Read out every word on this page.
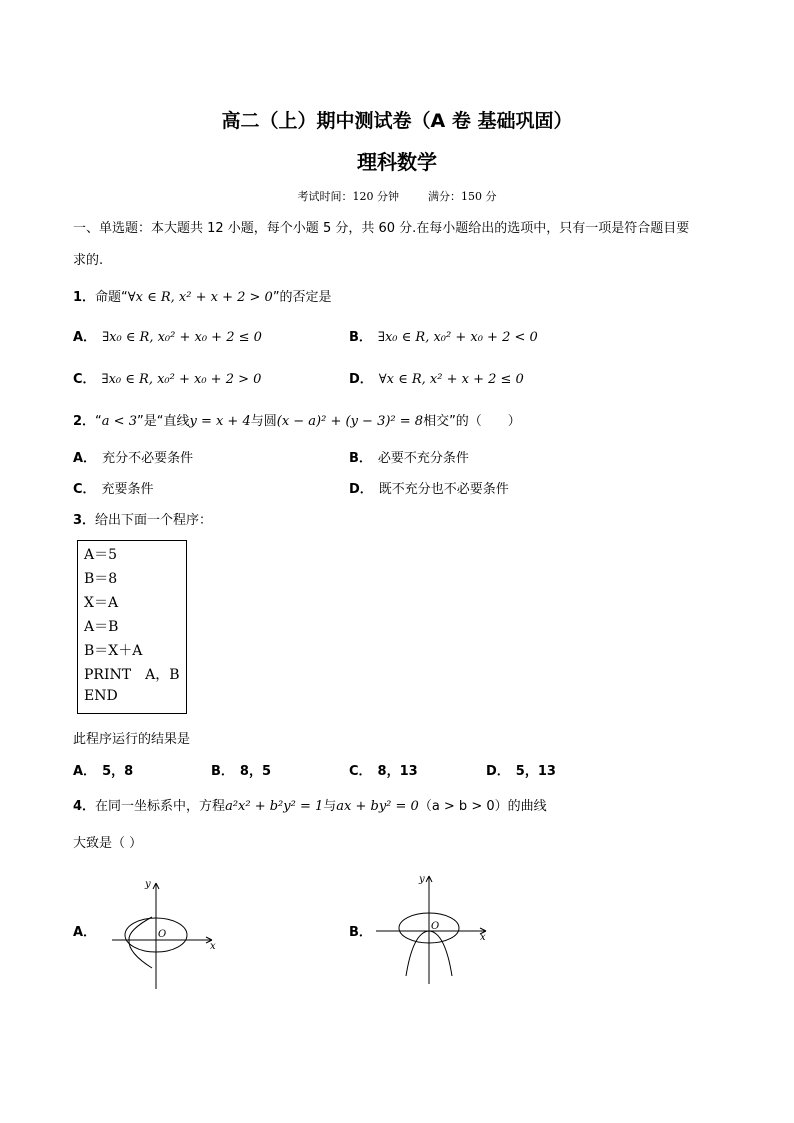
高二（上）期中测试卷（A 卷 基础巩固）
理科数学
考试时间：120 分钟	满分：150 分
一、单选题：本大题共 12 小题，每个小题 5 分，共 60 分.在每小题给出的选项中，只有一项是符合题目要
求的.
1．命题“∀x ∈ R, x² + x + 2 > 0”的否定是
A． ∃x₀ ∈ R, x₀² + x₀ + 2 ≤ 0	B． ∃x₀ ∈ R, x₀² + x₀ + 2 < 0
C． ∃x₀ ∈ R, x₀² + x₀ + 2 > 0	D． ∀x ∈ R, x² + x + 2 ≤ 0
2．“a < 3”是“直线y = x + 4与圆(x − a)² + (y − 3)² = 8相交”的（　　）
A． 充分不必要条件	B． 必要不充分条件
C． 充要条件	D． 既不充分也不必要条件
3．给出下面一个程序：
A＝5
B＝8
X＝A
A＝B
B＝X＋A
PRINT　A，B
END
此程序运行的结果是
A． 5，8	B． 8，5	C． 8，13	D． 5，13
4．在同一坐标系中，方程a²x² + b²y² = 1与ax + by² = 0（a > b > 0）的曲线
大致是（ ）
A．
y
x
O	B．
y
x
O
